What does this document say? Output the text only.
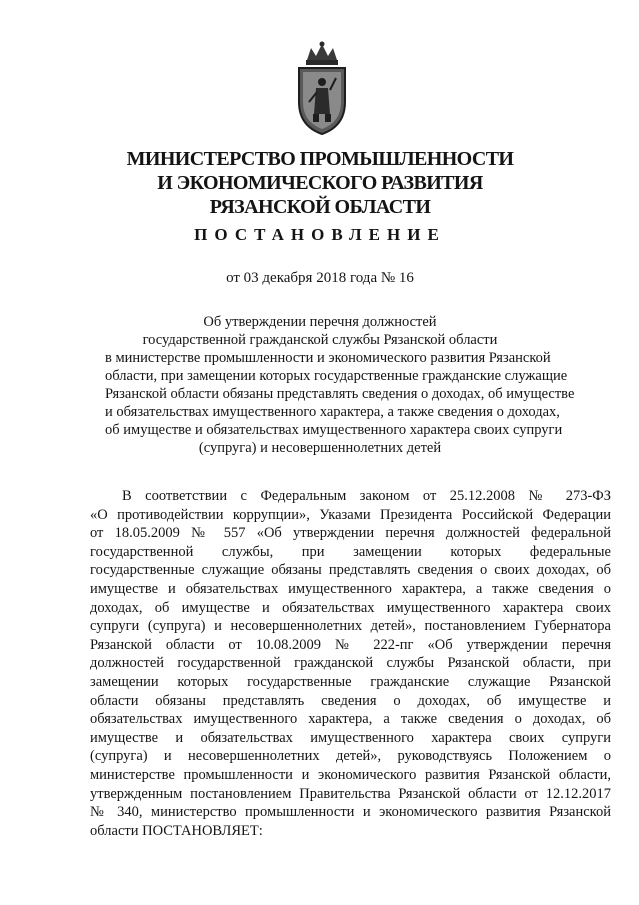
МИНИСТЕРСТВО ПРОМЫШЛЕННОСТИ
И ЭКОНОМИЧЕСКОГО РАЗВИТИЯ
РЯЗАНСКОЙ ОБЛАСТИ
ПОСТАНОВЛЕНИЕ
от 03 декабря 2018 года № 16
Об утверждении перечня должностей
государственной гражданской службы Рязанской области
в министерстве промышленности и экономического развития Рязанской
области, при замещении которых государственные гражданские служащие
Рязанской области обязаны представлять сведения о доходах, об имуществе
и обязательствах имущественного характера, а также сведения о доходах,
об имуществе и обязательствах имущественного характера своих супруги
(супруга) и несовершеннолетних детей
В соответствии с Федеральным законом от 25.12.2008 № 273-ФЗ
«О противодействии коррупции», Указами Президента Российской Федерации
от 18.05.2009 № 557 «Об утверждении перечня должностей федеральной
государственной службы, при замещении которых федеральные
государственные служащие обязаны представлять сведения о своих доходах, об
имуществе и обязательствах имущественного характера, а также сведения о
доходах, об имуществе и обязательствах имущественного характера своих
супруги (супруга) и несовершеннолетних детей», постановлением Губернатора
Рязанской области от 10.08.2009 № 222-пг «Об утверждении перечня
должностей государственной гражданской службы Рязанской области, при
замещении которых государственные гражданские служащие Рязанской
области обязаны представлять сведения о доходах, об имуществе и
обязательствах имущественного характера, а также сведения о доходах, об
имуществе и обязательствах имущественного характера своих супруги
(супруга) и несовершеннолетних детей», руководствуясь Положением о
министерстве промышленности и экономического развития Рязанской области,
утвержденным постановлением Правительства Рязанской области от 12.12.2017
№ 340, министерство промышленности и экономического развития Рязанской
области ПОСТАНОВЛЯЕТ:
